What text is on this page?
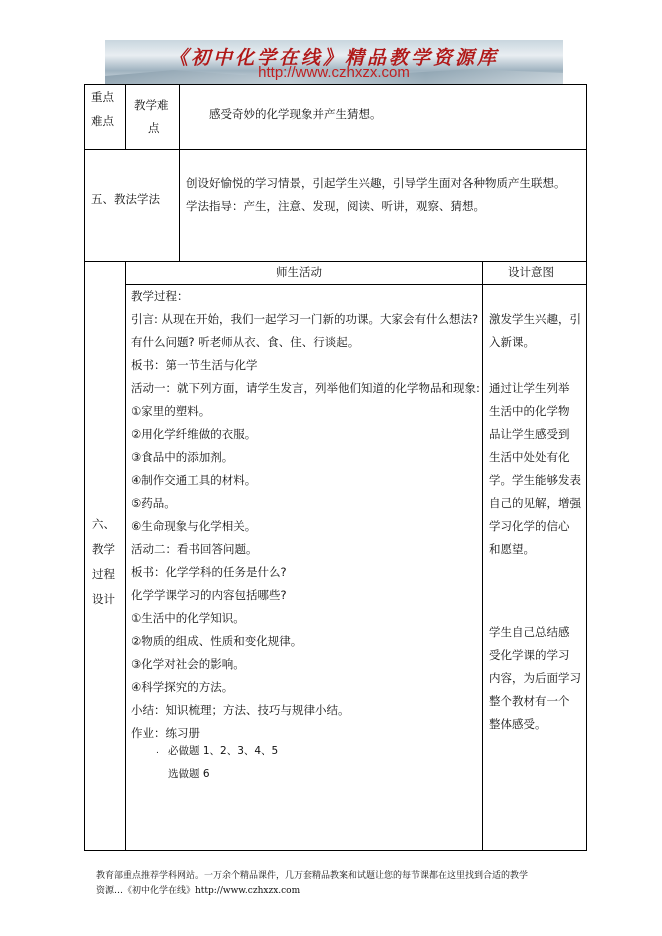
《初中化学在线》精品教学资源库
http://www.czhxzx.com
重点
难点
教学难
点
感受奇妙的化学现象并产生猜想。
五、教法学法
创设好愉悦的学习情景，引起学生兴趣，引导学生面对各种物质产生联想。
学法指导：产生，注意、发现，阅读、听讲，观察、猜想。
六、
教学
过程
设计
师生活动	设计意图
教学过程：
引言: 从现在开始，我们一起学习一门新的功课。大家会有什么想法?
有什么问题? 听老师从衣、食、住、行谈起。
板书：第一节生活与化学
活动一：就下列方面，请学生发言，列举他们知道的化学物品和现象:
①家里的塑料。
②用化学纤维做的衣服。
③食品中的添加剂。
④制作交通工具的材料。
⑤药品。
⑥生命现象与化学相关。
活动二：看书回答问题。
板书：化学学科的任务是什么?
化学学课学习的内容包括哪些?
①生活中的化学知识。
②物质的组成、性质和变化规律。
③化学对社会的影响。
④科学探究的方法。
小结：知识梳理；方法、技巧与规律小结。
作业：练习册
. 必做题 1、2、3、4、5
选做题 6
激发学生兴趣，引
入新课。
通过让学生列举
生活中的化学物
品让学生感受到
生活中处处有化
学。学生能够发表
自己的见解，增强
学习化学的信心
和愿望。
学生自己总结感
受化学课的学习
内容，为后面学习
整个教材有一个
整体感受。
教育部重点推荐学科网站。一万余个精品课件，几万套精品教案和试题让您的每节课都在这里找到合适的教学
资源…《初中化学在线》http://www.czhxzx.com
